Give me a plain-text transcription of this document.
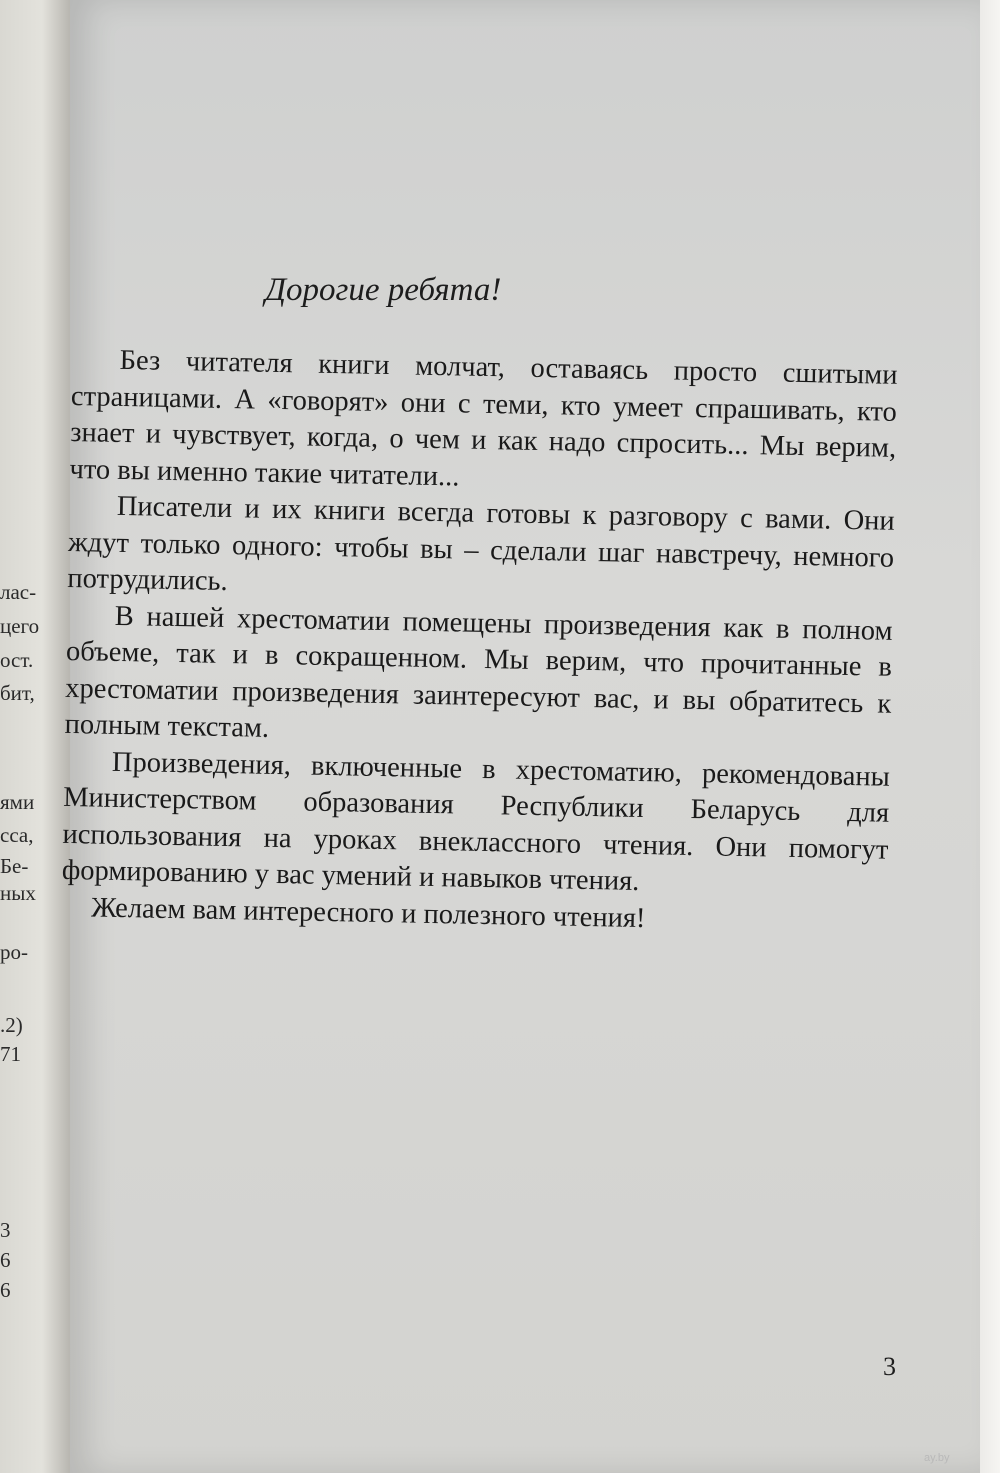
лас-
цего
ост.
бит,
ями
сса,
Бе-
ных
ро-
.2)
71
3
6
6
Дорогие ребята!

Без читателя книги молчат, оставаясь просто сшитыми страницами. А «говорят» они с теми, кто умеет спрашивать, кто знает и чувствует, когда, о чем и как надо спросить... Мы верим, что вы именно такие читатели...

Писатели и их книги всегда готовы к разговору с вами. Они ждут только одного: чтобы вы – сделали шаг навстречу, немного потрудились.

В нашей хрестоматии помещены произведения как в полном объеме, так и в сокращенном. Мы верим, что прочитанные в хрестоматии произведения заинтересуют вас, и вы обратитесь к полным текстам.

Произведения, включенные в хрестоматию, рекомендованы Министерством образования Республики Беларусь для использования на уроках внеклассного чтения. Они помогут формированию у вас умений и навыков чтения.

Желаем вам интересного и полезного чтения!

3
ay.by
